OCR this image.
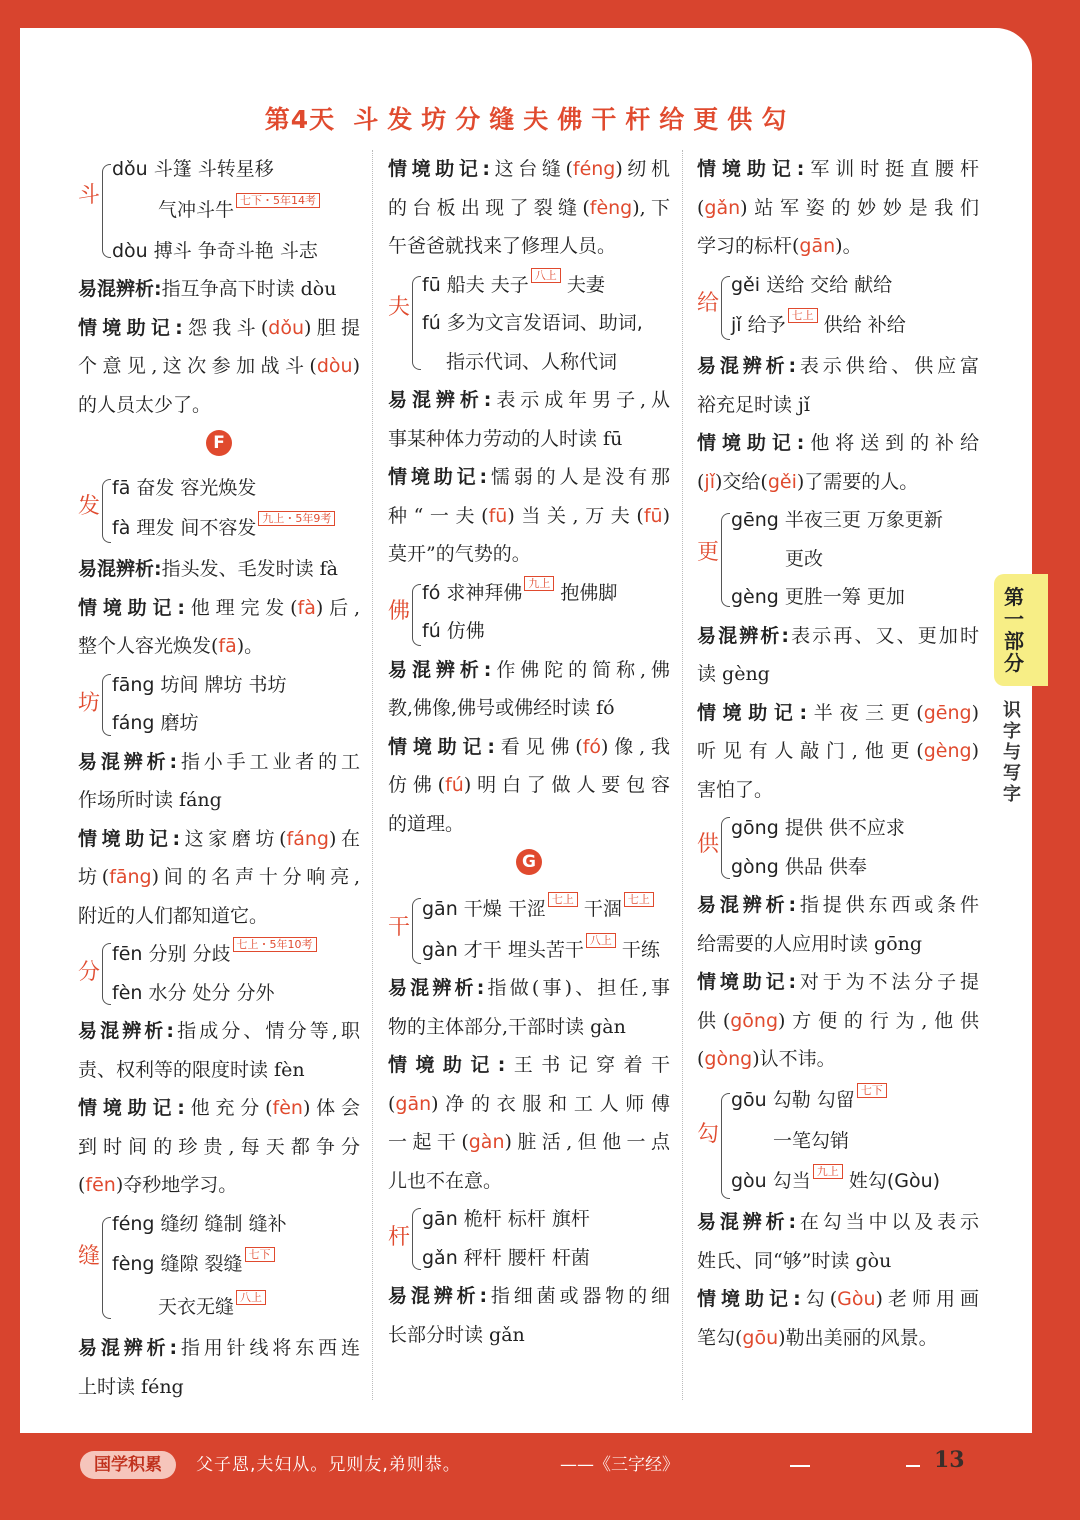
第4天 斗发坊分缝夫佛干杆给更供勾
斗
dǒu 斗篷 斗转星移
气冲斗牛 七下・5年14考
dòu 搏斗 争奇斗艳 斗志
易混辨析:指互争高下时读 dòu
情境助记:怨我斗(dǒu)胆提
个意见,这次参加战斗(dòu)
的人员太少了。
F
发
fā 奋发 容光焕发
fà 理发 间不容发 九上・5年9考
易混辨析:指头发、毛发时读 fà
情境助记:他理完发(fà)后,
整个人容光焕发(fā)。
坊
fāng 坊间 牌坊 书坊
fáng 磨坊
易混辨析:指小手工业者的工
作场所时读 fáng
情境助记:这家磨坊(fáng)在
坊(fāng)间的名声十分响亮,
附近的人们都知道它。
分
fēn 分别 分歧 七上・5年10考
fèn 水分 处分 分外
易混辨析:指成分、情分等,职
责、权利等的限度时读 fèn
情境助记:他充分(fèn)体会
到时间的珍贵,每天都争分
(fēn)夺秒地学习。
缝
féng 缝纫 缝制 缝补
fèng 缝隙 裂缝 七下
天衣无缝 八上
易混辨析:指用针线将东西连
上时读 féng
情境助记:这台缝(féng)纫机
的台板出现了裂缝(fèng),下
午爸爸就找来了修理人员。
夫
fū 船夫 夫子 八上 夫妻
fú 多为文言发语词、助词,
指示代词、人称代词
易混辨析:表示成年男子,从
事某种体力劳动的人时读 fū
情境助记:懦弱的人是没有那
种“一夫(fū)当关,万夫(fū)
莫开”的气势的。
佛
fó 求神拜佛 九上 抱佛脚
fú 仿佛
易混辨析:作佛陀的简称,佛
教,佛像,佛号或佛经时读 fó
情境助记:看见佛(fó)像,我
仿佛(fú)明白了做人要包容
的道理。
G
干
gān 干燥 干涩 七上 干涸 七上
gàn 才干 埋头苦干 八上 干练
易混辨析:指做(事)、担任,事
物的主体部分,干部时读 gàn
情境助记:王书记穿着干
(gān)净的衣服和工人师傅
一起干(gàn)脏活,但他一点
儿也不在意。
杆
gān 桅杆 标杆 旗杆
gǎn 秤杆 腰杆 杆菌
易混辨析:指细菌或器物的细
长部分时读 gǎn
情境助记:军训时挺直腰杆
(gǎn)站军姿的妙妙是我们
学习的标杆(gān)。
给
gěi 送给 交给 献给
jǐ 给予 七上 供给 补给
易混辨析:表示供给、供应富
裕充足时读 jǐ
情境助记:他将送到的补给
(jǐ)交给(gěi)了需要的人。
更
gēng 半夜三更 万象更新
更改
gèng 更胜一筹 更加
易混辨析:表示再、又、更加时
读 gèng
情境助记:半夜三更(gēng)
听见有人敲门,他更(gèng)
害怕了。
供
gōng 提供 供不应求
gòng 供品 供奉
易混辨析:指提供东西或条件
给需要的人应用时读 gōng
情境助记:对于为不法分子提
供(gōng)方便的行为,他供
(gòng)认不讳。
勾
gōu 勾勒 勾留 七下
一笔勾销
gòu 勾当 九上 姓勾(Gòu)
易混辨析:在勾当中以及表示
姓氏、同“够”时读 gòu
情境助记:勾(Gòu)老师用画
笔勾(gōu)勒出美丽的风景。
第一部分
识字与写字
国学积累	父子恩,夫妇从。兄则友,弟则恭。	——《三字经》	13
